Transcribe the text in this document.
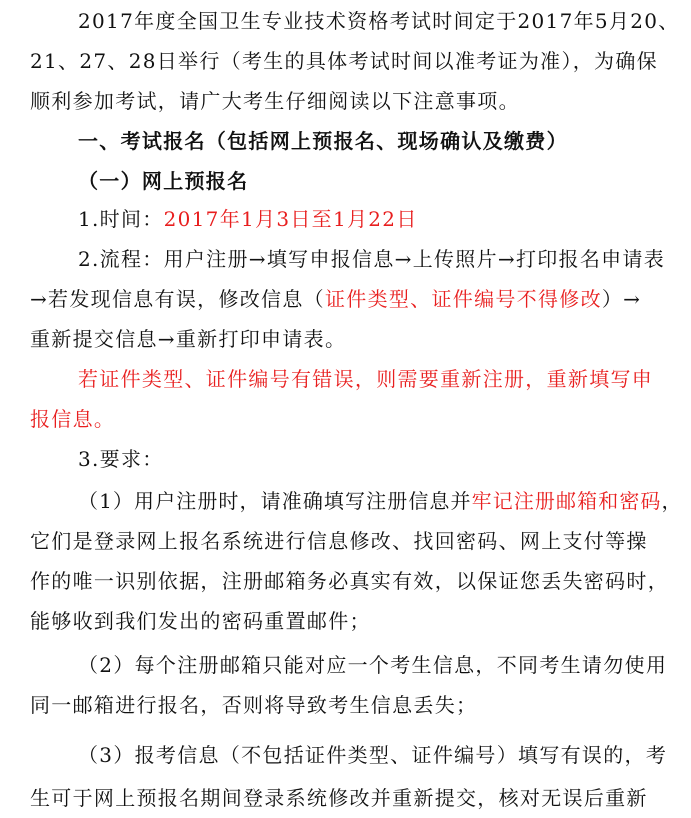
2017年度全国卫生专业技术资格考试时间定于2017年5月20、
21、27、28日举行（考生的具体考试时间以准考证为准），为确保
顺利参加考试，请广大考生仔细阅读以下注意事项。
一、考试报名（包括网上预报名、现场确认及缴费）
（一）网上预报名
1.时间：2017年1月3日至1月22日
2.流程：用户注册→填写申报信息→上传照片→打印报名申请表
→若发现信息有误，修改信息（证件类型、证件编号不得修改）→
重新提交信息→重新打印申请表。
若证件类型、证件编号有错误，则需要重新注册，重新填写申
报信息。
3.要求：
（1）用户注册时，请准确填写注册信息并牢记注册邮箱和密码，
它们是登录网上报名系统进行信息修改、找回密码、网上支付等操
作的唯一识别依据，注册邮箱务必真实有效，以保证您丢失密码时，
能够收到我们发出的密码重置邮件；
（2）每个注册邮箱只能对应一个考生信息，不同考生请勿使用
同一邮箱进行报名，否则将导致考生信息丢失；
（3）报考信息（不包括证件类型、证件编号）填写有误的，考
生可于网上预报名期间登录系统修改并重新提交，核对无误后重新
